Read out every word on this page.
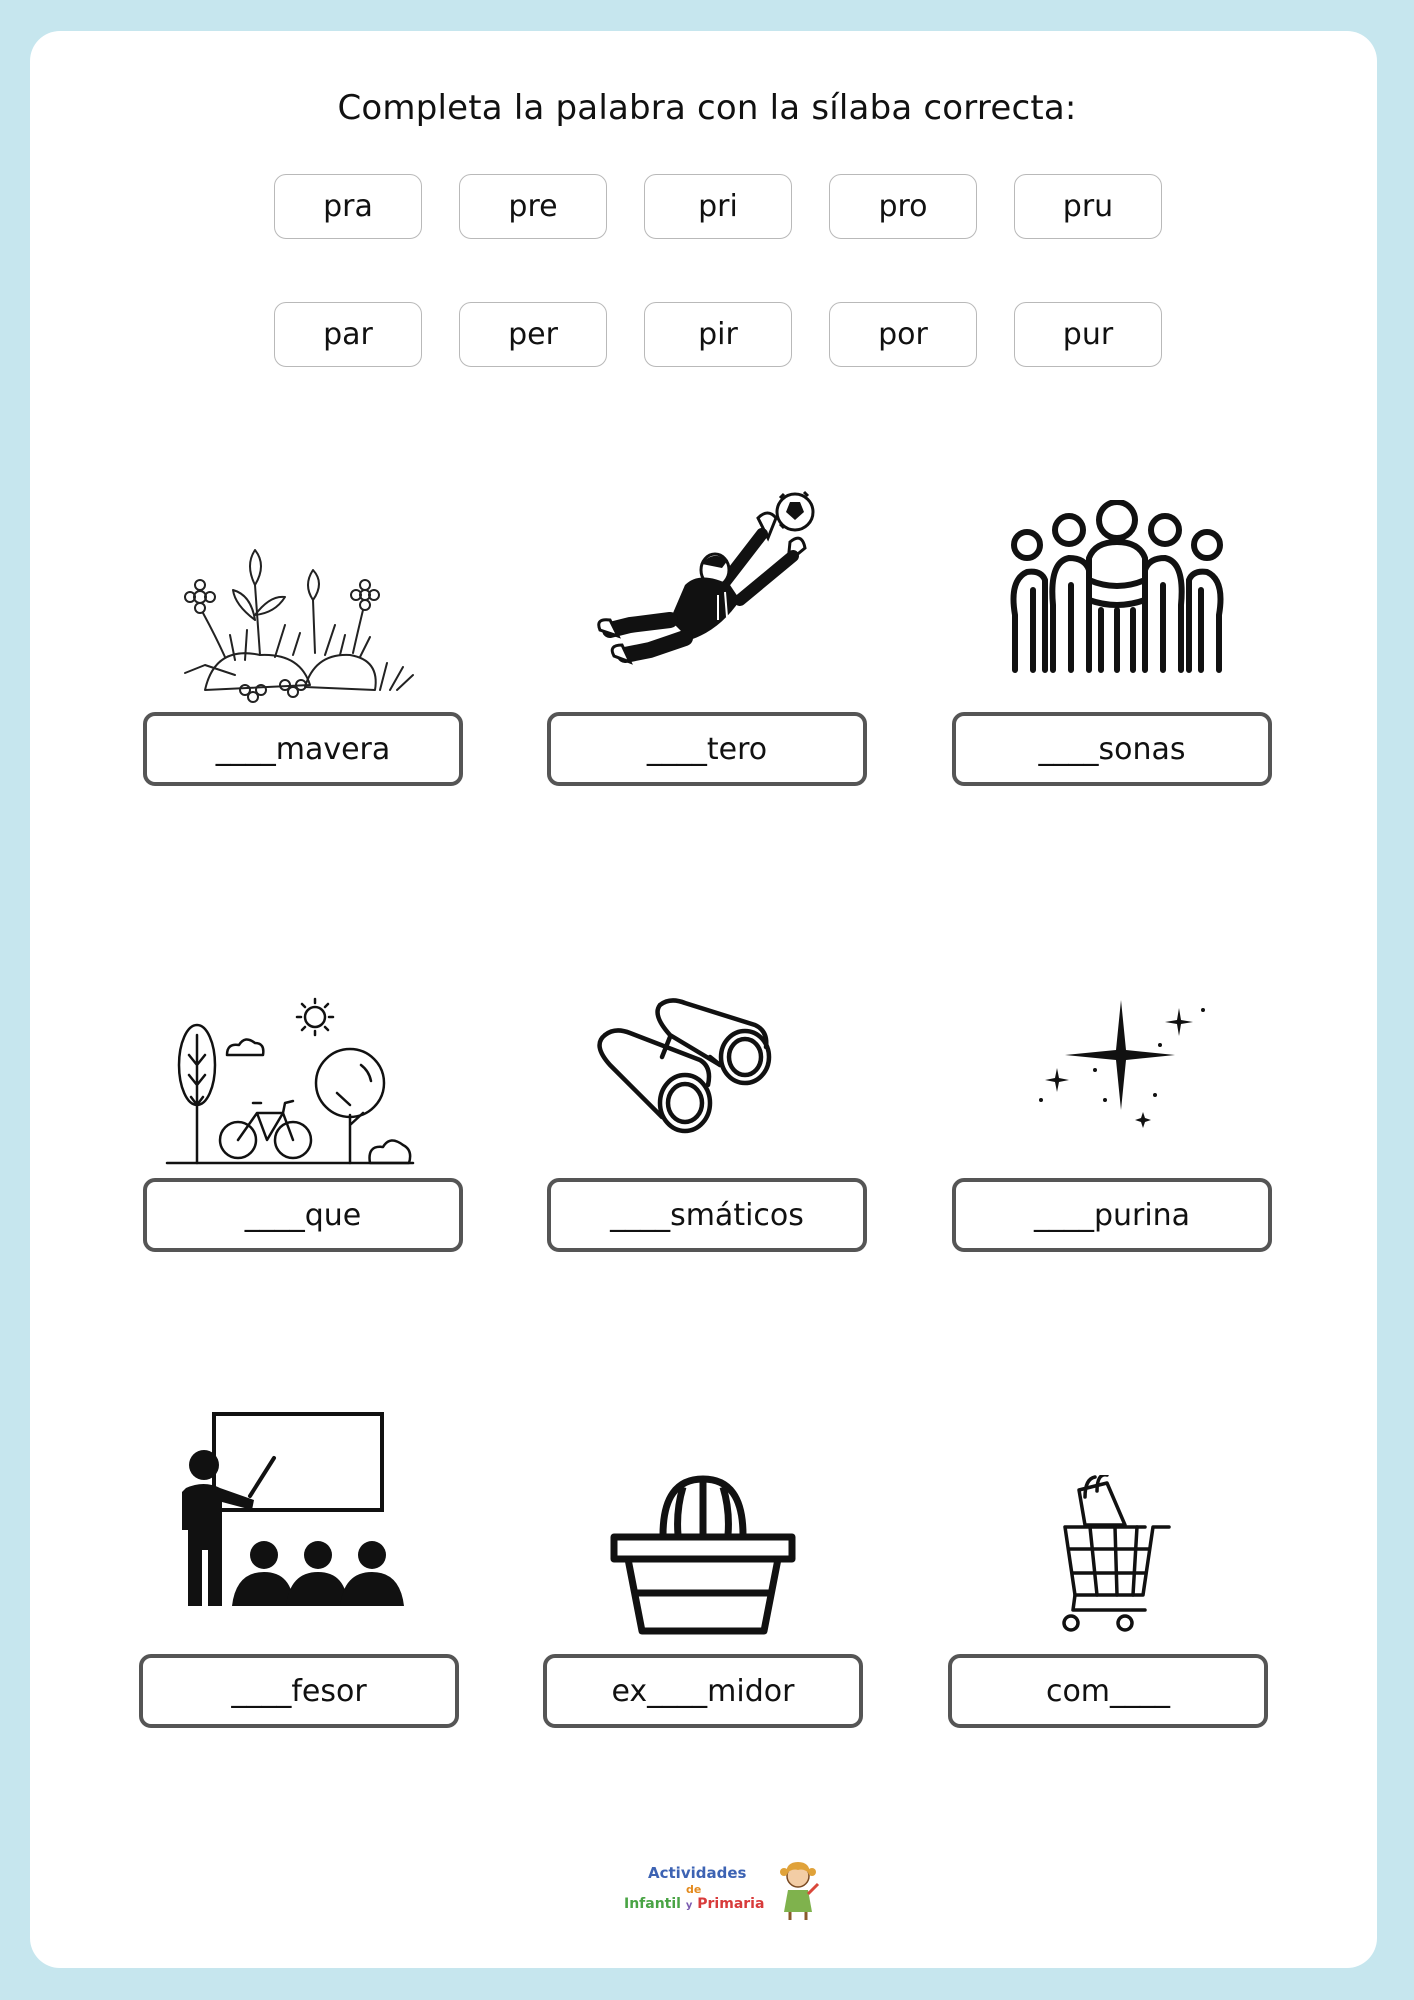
Completa la palabra con la sílaba correcta:
pra	pre	pri	pro	pru
par	per	pir	por	pur
____mavera	____tero	____sonas
____que	____smáticos	____purina
____fesor	ex____midor	com____
Actividades
de
Infantil y Primaria
